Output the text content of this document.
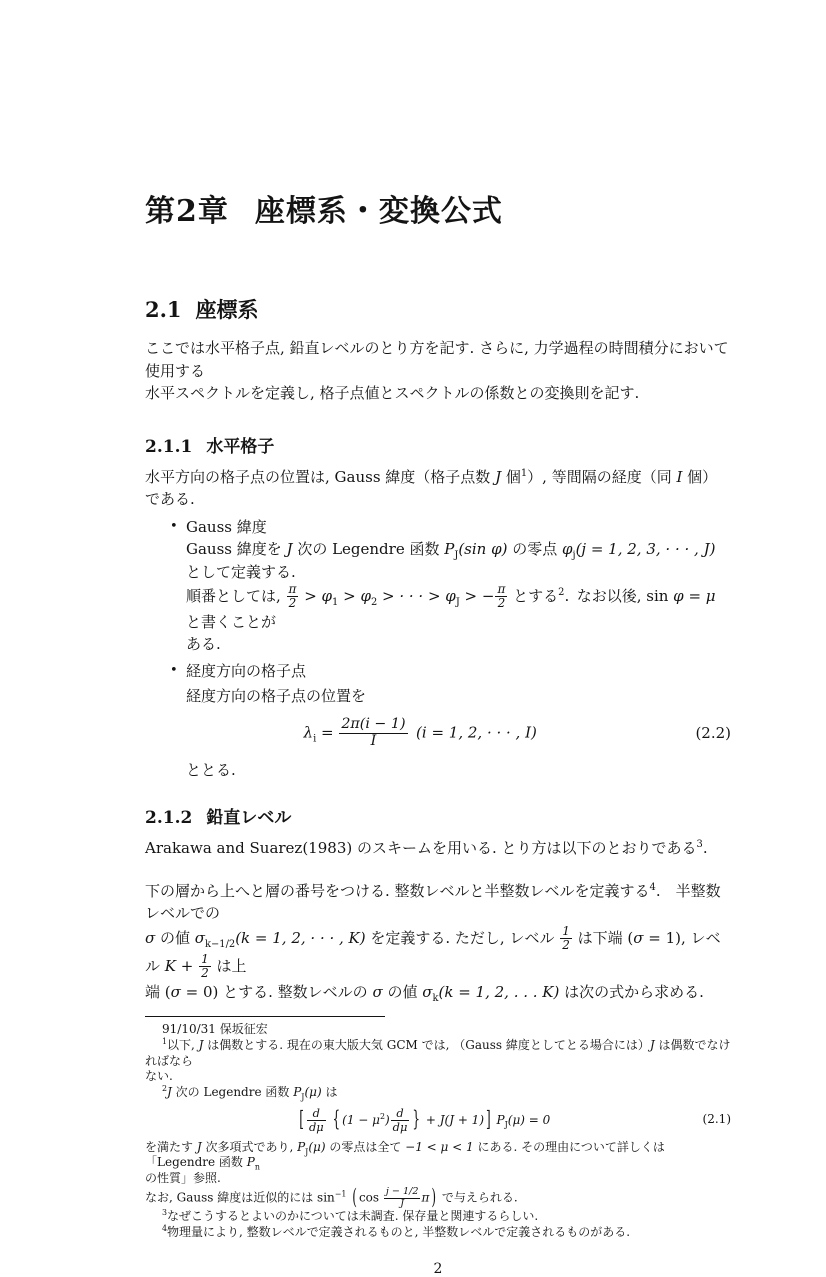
第2章 座標系・変換公式
2.1 座標系

ここでは水平格子点, 鉛直レベルのとり方を記す. さらに, 力学過程の時間積分において使用する

水平スペクトルを定義し, 格子点値とスペクトルの係数との変換則を記す.

2.1.1 水平格子

水平方向の格子点の位置は, Gauss 緯度（格子点数 J 個$^1$）, 等間隔の経度（同 I 個）である.

• Gauss 緯度

Gauss 緯度を J 次の Legendre 函数 $P_J(\sin$ φ) の零点 $\varphi_j(j = 1$, 2, 3, · · · , J) として定義する.

順番としては, $\frac{\pi}{2} > \varphi_1 > \varphi_2$ > · · · > $\varphi_J$ > − $\frac{\pi}{2}$ とする$^2$. なお以後, sin φ = μ と書くことが

ある.

• 経度方向の格子点

経度方向の格子点の位置を

$\lambda_i = \frac{2\pi(i - 1)}{I}$
  (i = 1, 2, · · · , I)	(2.2)

ととる.

2.1.2 鉛直レベル

Arakawa and Suarez(1983) のスキームを用いる. とり方は以下のとおりである$^3$.

下の層から上へと層の番号をつける. 整数レベルと半整数レベルを定義する$^4$. 半整数レベルでの

σ の値 $\sigma_{k-1/2}(k = 1$, 2, · · · , K) を定義する. ただし, レベル $\frac{1}{2}$ は下端 (σ = 1), レベル $K + \frac{1}{2}$ は上

端 (σ = 0) とする. 整数レベルの σ の値 $\sigma_k(k = 1$, 2, . . . K) は次の式から求める.

91/10/31 保坂征宏

$^1$以下, J は偶数とする. 現在の東大版大気 GCM では, （Gauss 緯度としてとる場合には）J は偶数でなければなら

ない.

$^2$J 次の Legendre 函数 $P_J(\mu)$ は

[ $\frac{d}{d\mu}$ { $(1 - \mu^2) \frac{d}{d\mu}$ } + J(J + 1) ] $P_J(\mu) = 0$	(2.1)

を満たす J 次多項式であり, $P_J(\mu)$ の零点は全て −1 < μ < 1 にある. その理由について詳しくは「Legendre 函数 $P_n$

の性質」参照.

なお, Gauss 緯度は近似的には $\sin^{-1}$ ( $\cos \frac{j - 1/2}{J}$ π ) で与えられる.

$^3$なぜこうするとよいのかについては未調査. 保存量と関連するらしい.

$^4$物理量により, 整数レベルで定義されるものと, 半整数レベルで定義されるものがある.

2
